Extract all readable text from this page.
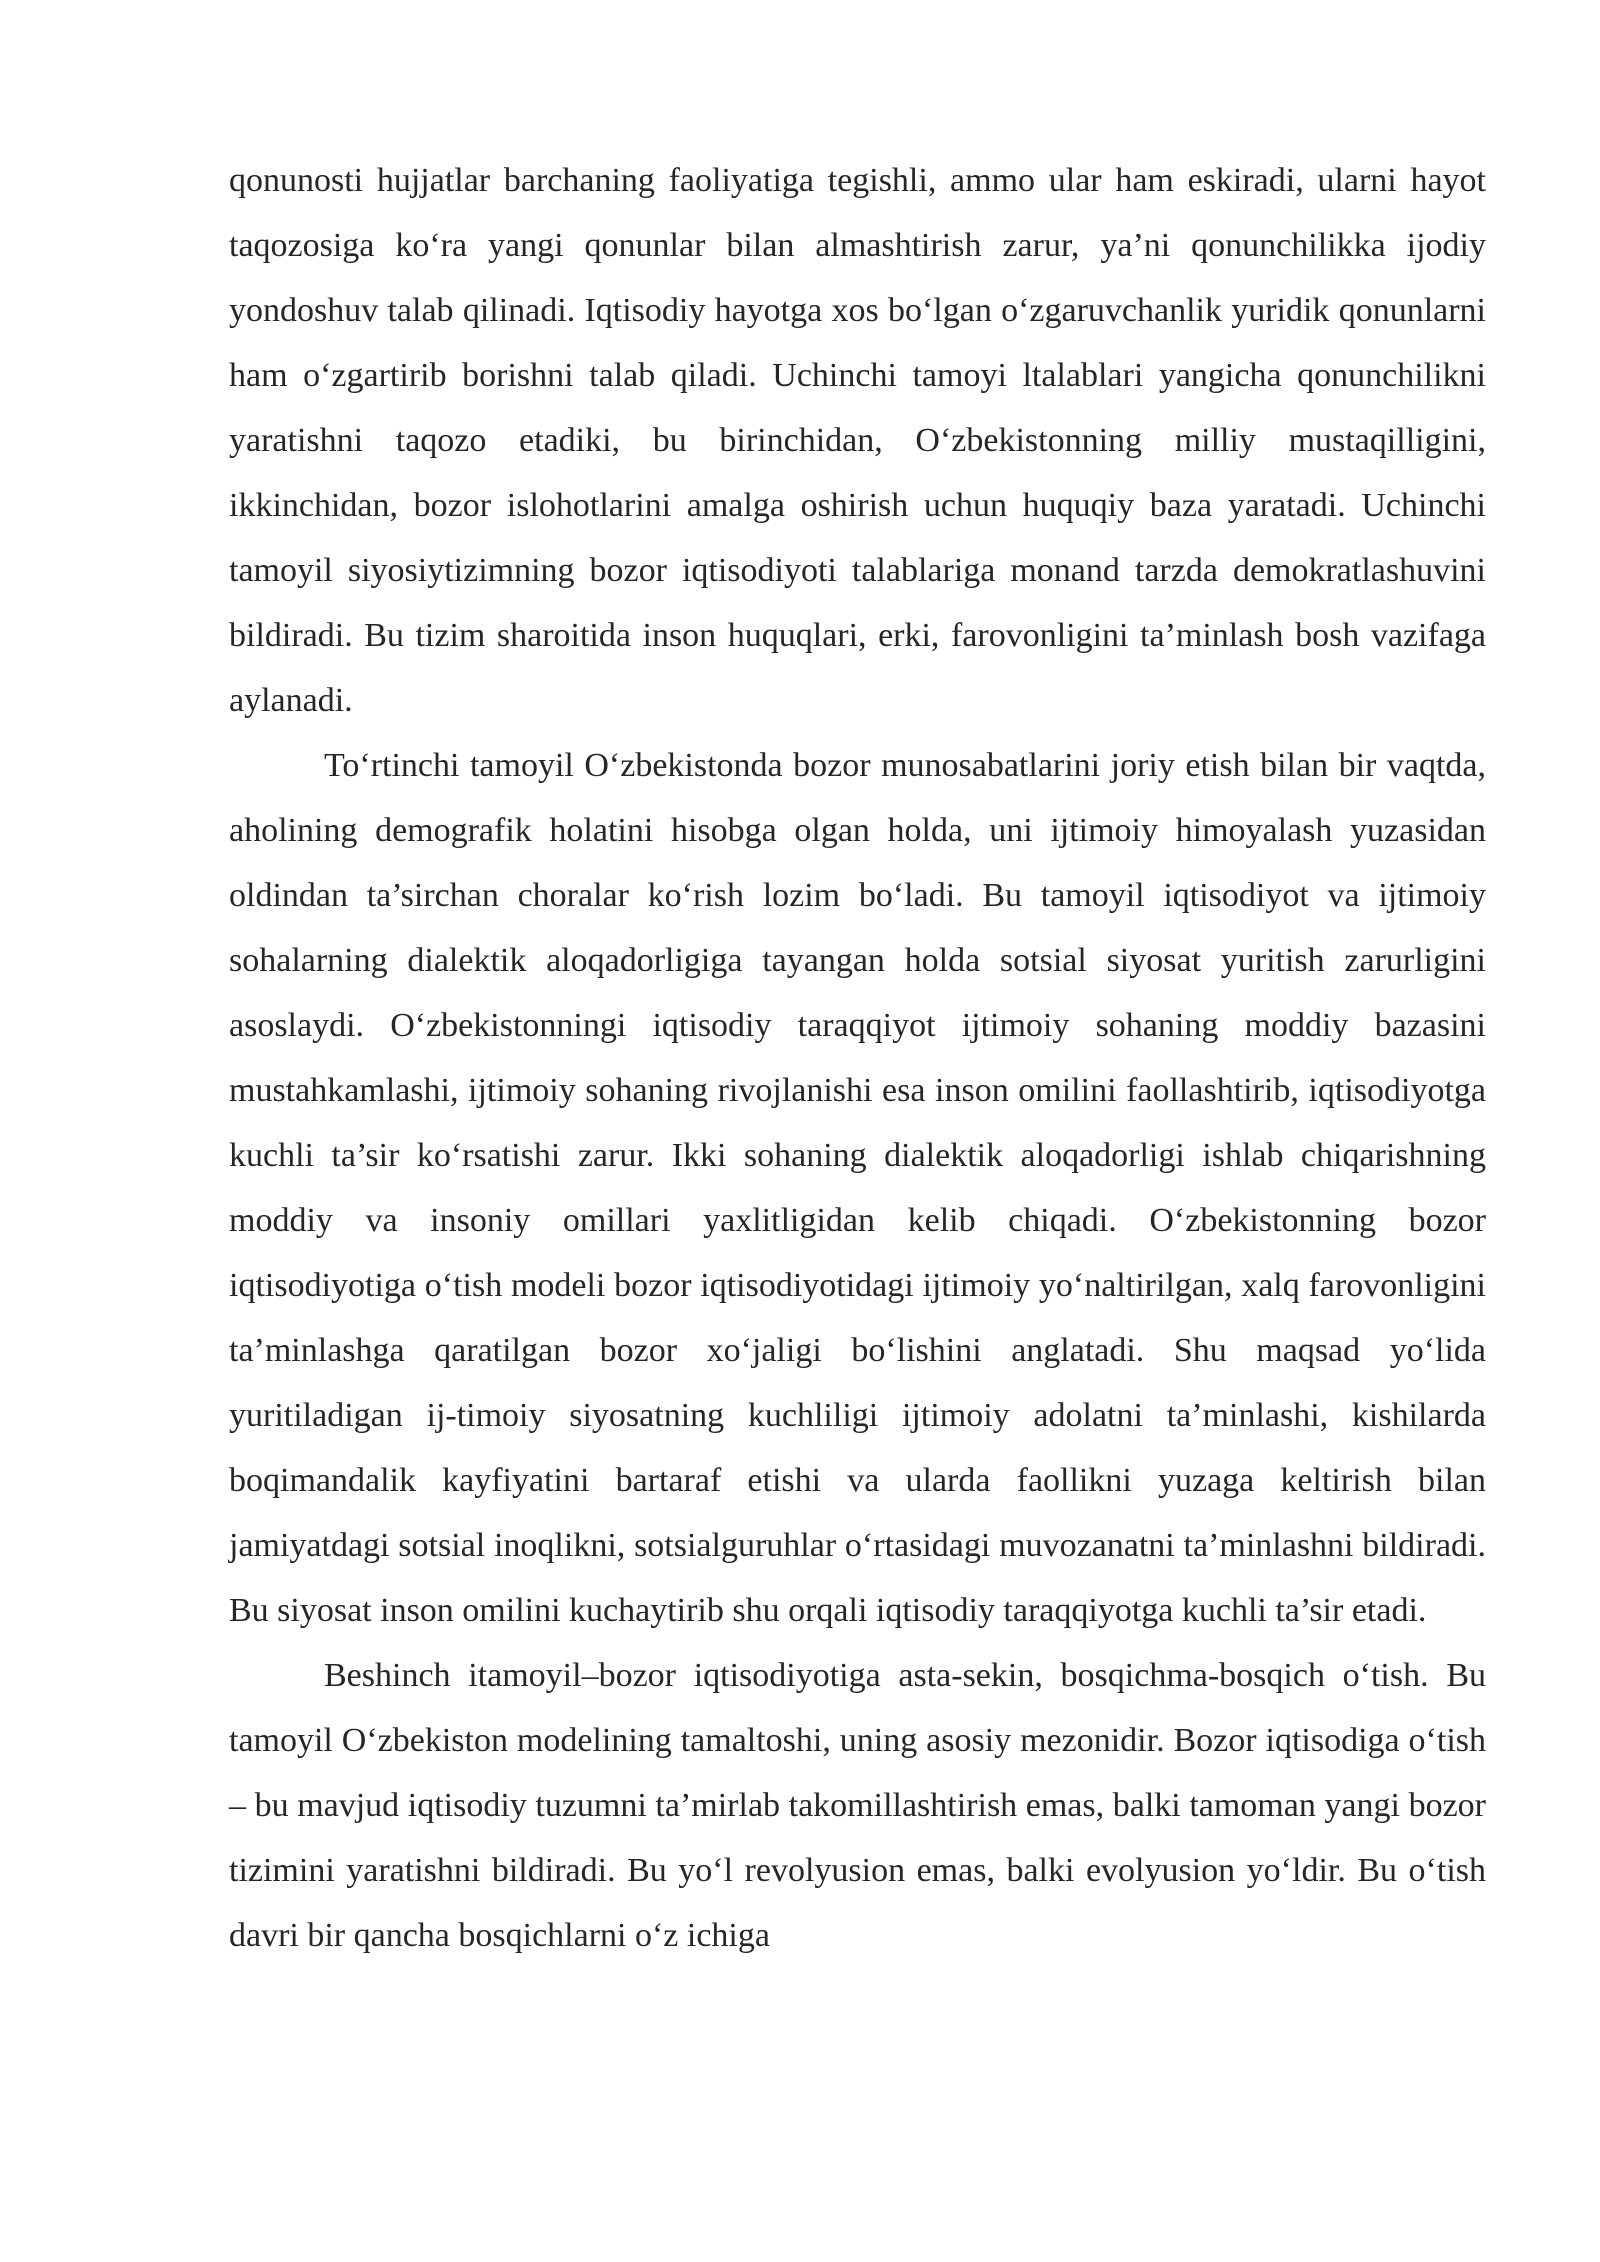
qonunosti hujjatlar barchaning faoliyatiga tegishli, ammo ular ham eskiradi, ularni hayot taqozosiga ko‘ra yangi qonunlar bilan almashtirish zarur, ya’ni qonunchilikka ijodiy yondoshuv talab qilinadi. Iqtisodiy hayotga xos bo‘lgan o‘zgaruvchanlik yuridik qonunlarni ham o‘zgartirib borishni talab qiladi. Uchinchi tamoyi ltalablari yangicha qonunchilikni yaratishni taqozo etadiki, bu birinchidan, O‘zbekistonning milliy mustaqilligini, ikkinchidan, bozor islohotlarini amalga oshirish uchun huquqiy baza yaratadi. Uchinchi tamoyil siyosiytizimning bozor iqtisodiyoti talablariga monand tarzda demokratlashuvini bildiradi. Bu tizim sharoitida inson huquqlari, erki, farovonligini ta’minlash bosh vazifaga aylanadi.

To‘rtinchi tamoyil O‘zbekistonda bozor munosabatlarini joriy etish bilan bir vaqtda, aholining demografik holatini hisobga olgan holda, uni ijtimoiy himoyalash yuzasidan oldindan ta’sirchan choralar ko‘rish lozim bo‘ladi. Bu tamoyil iqtisodiyot va ijtimoiy sohalarning dialektik aloqadorligiga tayangan holda sotsial siyosat yuritish zarurligini asoslaydi. O‘zbekistonningi iqtisodiy taraqqiyot ijtimoiy sohaning moddiy bazasini mustahkamlashi, ijtimoiy sohaning rivojlanishi esa inson omilini faollashtirib, iqtisodiyotga kuchli ta’sir ko‘rsatishi zarur. Ikki sohaning dialektik aloqadorligi ishlab chiqarishning moddiy va insoniy omillari yaxlitligidan kelib chiqadi. O‘zbekistonning bozor iqtisodiyotiga o‘tish modeli bozor iqtisodiyotidagi ijtimoiy yo‘naltirilgan, xalq farovonligini ta’minlashga qaratilgan bozor xo‘jaligi bo‘lishini anglatadi. Shu maqsad yo‘lida yuritiladigan ij-timoiy siyosatning kuchliligi ijtimoiy adolatni ta’minlashi, kishilarda boqimandalik kayfiyatini bartaraf etishi va ularda faollikni yuzaga keltirish bilan jamiyatdagi sotsial inoqlikni, sotsialguruhlar o‘rtasidagi muvozanatni ta’minlashni bildiradi. Bu siyosat inson omilini kuchaytirib shu orqali iqtisodiy taraqqiyotga kuchli ta’sir etadi.

Beshinch itamoyil–bozor iqtisodiyotiga asta-sekin, bosqichma-bosqich o‘tish. Bu tamoyil O‘zbekiston modelining tamaltoshi, uning asosiy mezonidir. Bozor iqtisodiga o‘tish – bu mavjud iqtisodiy tuzumni ta’mirlab takomillashtirish emas, balki tamoman yangi bozor tizimini yaratishni bildiradi. Bu yo‘l revolyusion emas, balki evolyusion yo‘ldir. Bu o‘tish davri bir qancha bosqichlarni o‘z ichiga
